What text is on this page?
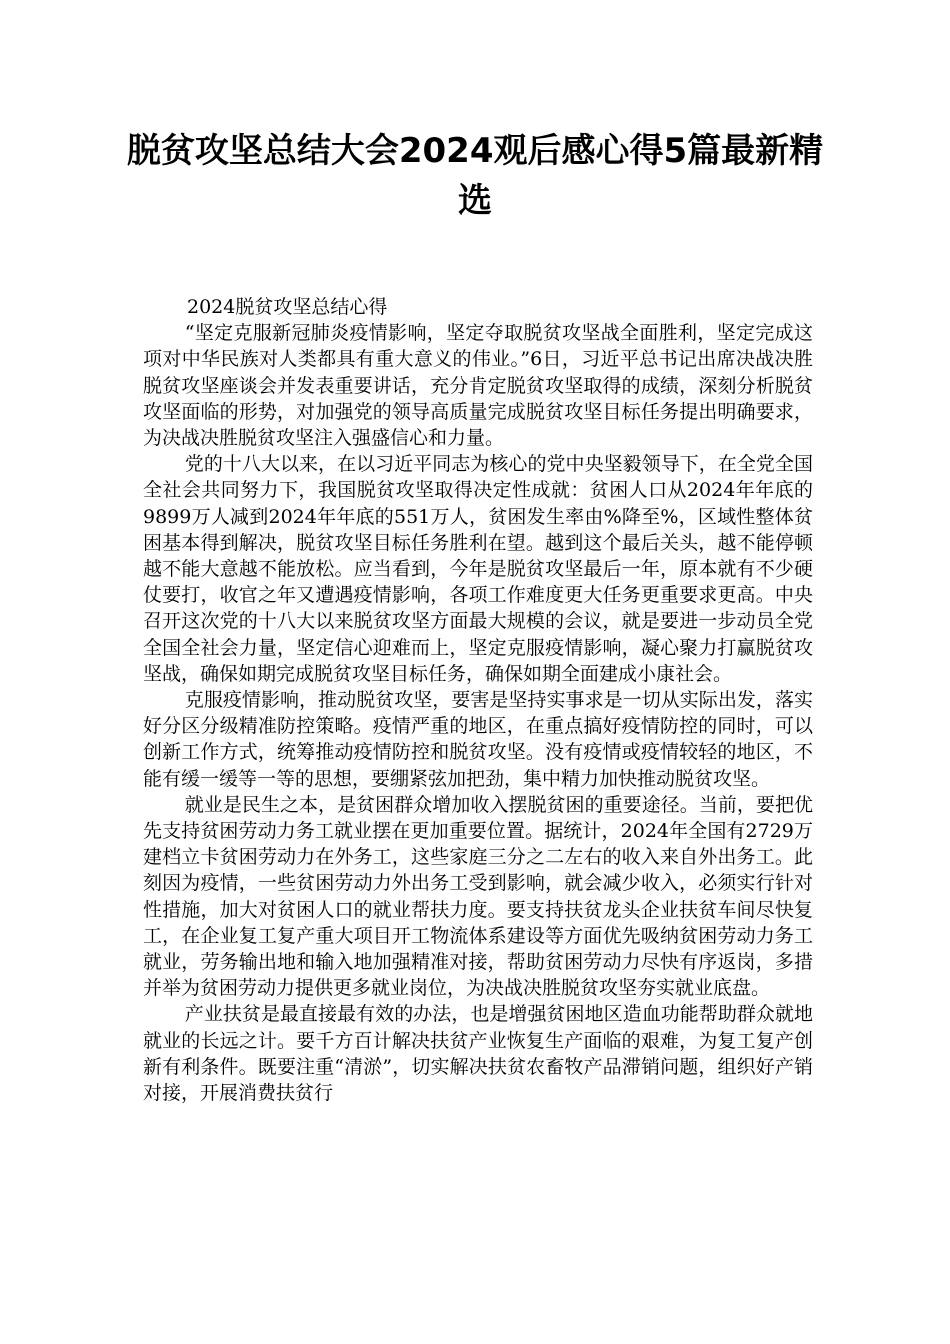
脱贫攻坚总结大会2024观后感心得5篇最新精选

2024脱贫攻坚总结心得

“坚定克服新冠肺炎疫情影响，坚定夺取脱贫攻坚战全面胜利，坚定完成这项对中华民族对人类都具有重大意义的伟业。”6日，习近平总书记出席决战决胜脱贫攻坚座谈会并发表重要讲话，充分肯定脱贫攻坚取得的成绩，深刻分析脱贫攻坚面临的形势，对加强党的领导高质量完成脱贫攻坚目标任务提出明确要求，为决战决胜脱贫攻坚注入强盛信心和力量。

党的十八大以来，在以习近平同志为核心的党中央坚毅领导下，在全党全国全社会共同努力下，我国脱贫攻坚取得决定性成就：贫困人口从2024年年底的9899万人减到2024年年底的551万人，贫困发生率由%降至%，区域性整体贫困基本得到解决，脱贫攻坚目标任务胜利在望。越到这个最后关头，越不能停顿越不能大意越不能放松。应当看到，今年是脱贫攻坚最后一年，原本就有不少硬仗要打，收官之年又遭遇疫情影响，各项工作难度更大任务更重要求更高。中央召开这次党的十八大以来脱贫攻坚方面最大规模的会议，就是要进一步动员全党全国全社会力量，坚定信心迎难而上，坚定克服疫情影响，凝心聚力打赢脱贫攻坚战，确保如期完成脱贫攻坚目标任务，确保如期全面建成小康社会。

克服疫情影响，推动脱贫攻坚，要害是坚持实事求是一切从实际出发，落实好分区分级精准防控策略。疫情严重的地区，在重点搞好疫情防控的同时，可以创新工作方式，统筹推动疫情防控和脱贫攻坚。没有疫情或疫情较轻的地区，不能有缓一缓等一等的思想，要绷紧弦加把劲，集中精力加快推动脱贫攻坚。

就业是民生之本，是贫困群众增加收入摆脱贫困的重要途径。当前，要把优先支持贫困劳动力务工就业摆在更加重要位置。据统计，2024年全国有2729万建档立卡贫困劳动力在外务工，这些家庭三分之二左右的收入来自外出务工。此刻因为疫情，一些贫困劳动力外出务工受到影响，就会减少收入，必须实行针对性措施，加大对贫困人口的就业帮扶力度。要支持扶贫龙头企业扶贫车间尽快复工，在企业复工复产重大项目开工物流体系建设等方面优先吸纳贫困劳动力务工就业，劳务输出地和输入地加强精准对接，帮助贫困劳动力尽快有序返岗，多措并举为贫困劳动力提供更多就业岗位，为决战决胜脱贫攻坚夯实就业底盘。

产业扶贫是最直接最有效的办法，也是增强贫困地区造血功能帮助群众就地就业的长远之计。要千方百计解决扶贫产业恢复生产面临的艰难，为复工复产创新有利条件。既要注重“清淤”，切实解决扶贫农畜牧产品滞销问题，组织好产销对接，开展消费扶贫行
